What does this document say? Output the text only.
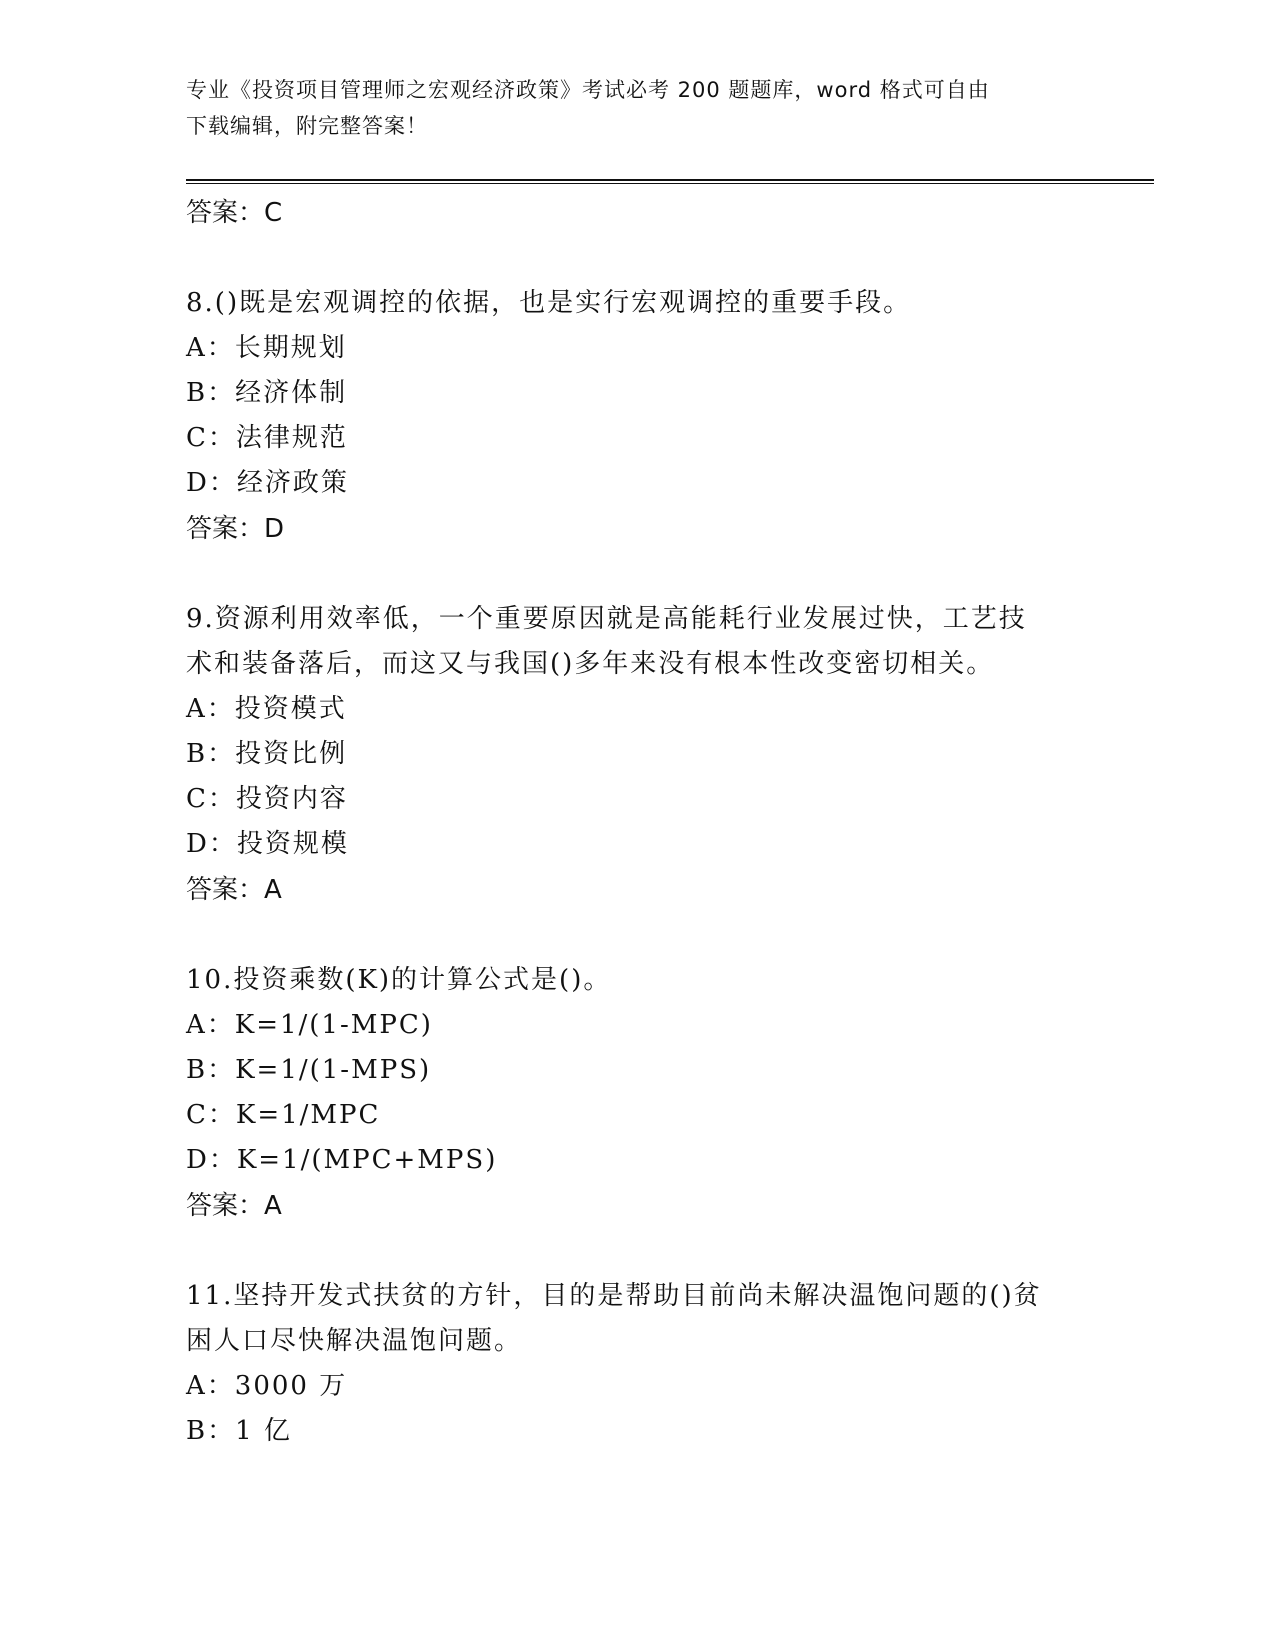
专业《投资项目管理师之宏观经济政策》考试必考 200 题题库，word 格式可自由
下载编辑，附完整答案！
答案：C
8.()既是宏观调控的依据，也是实行宏观调控的重要手段。
A：长期规划
B：经济体制
C：法律规范
D：经济政策
答案：D
9.资源利用效率低，一个重要原因就是高能耗行业发展过快，工艺技
术和装备落后，而这又与我国()多年来没有根本性改变密切相关。
A：投资模式
B：投资比例
C：投资内容
D：投资规模
答案：A
10.投资乘数(K)的计算公式是()。
A：K=1/(1-MPC)
B：K=1/(1-MPS)
C：K=1/MPC
D：K=1/(MPC+MPS)
答案：A
11.坚持开发式扶贫的方针，目的是帮助目前尚未解决温饱问题的()贫
困人口尽快解决温饱问题。
A：3000 万
B：1 亿
